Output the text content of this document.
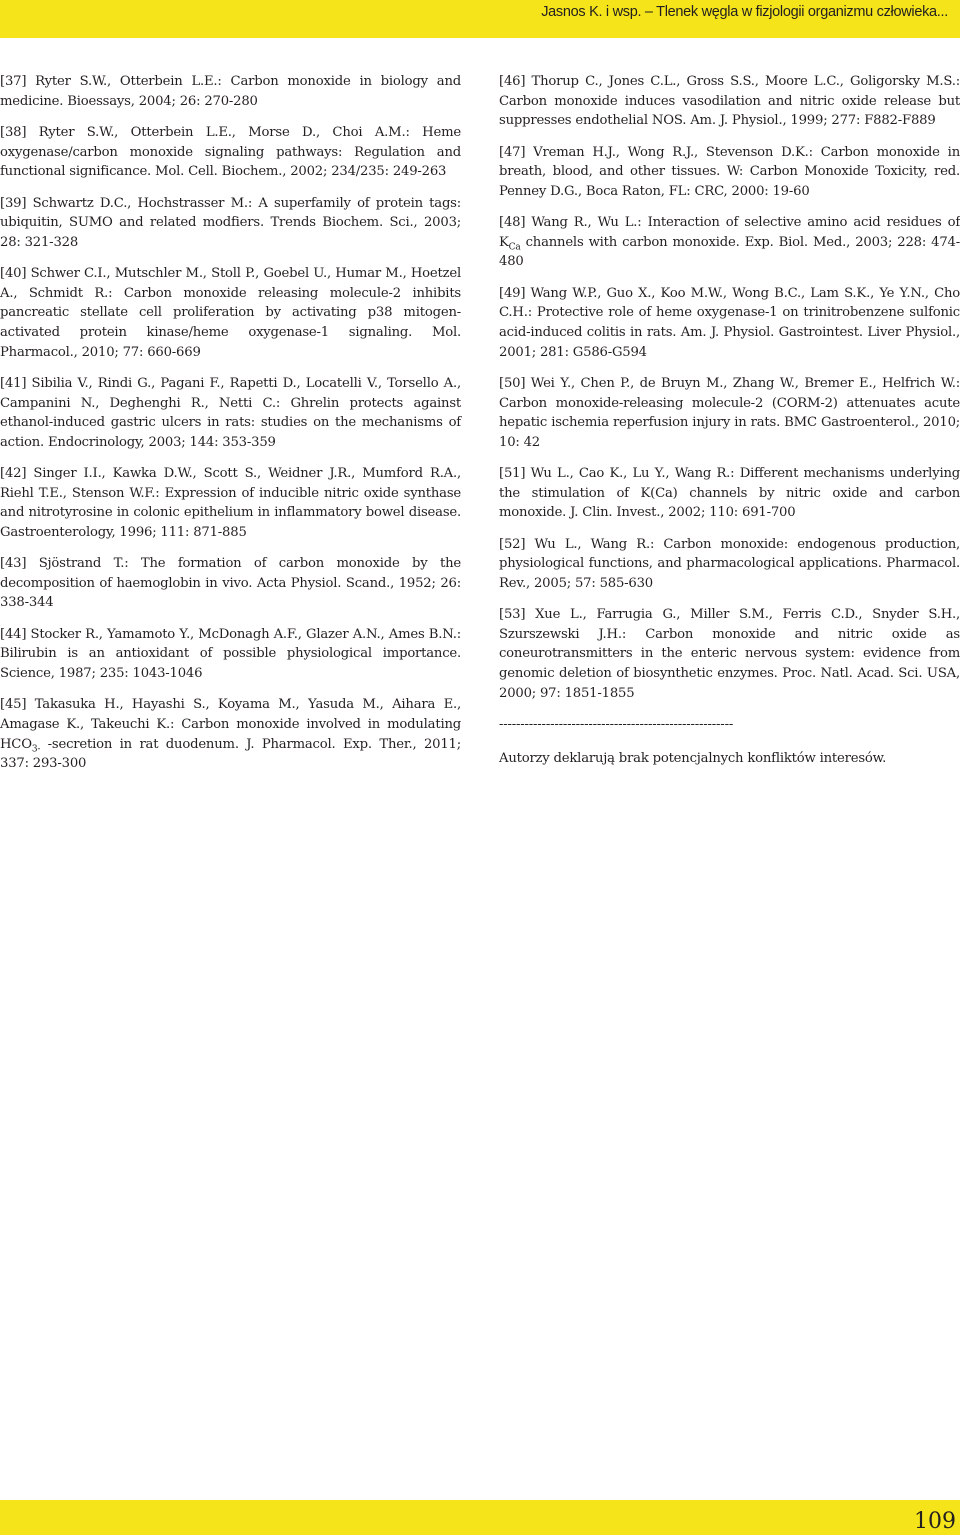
Jasnos K. i wsp. – Tlenek węgla w fizjologii organizmu człowieka...

[37] Ryter S.W., Otterbein L.E.: Carbon monoxide in biology and medicine. Bioessays, 2004; 26: 270-280

[38] Ryter S.W., Otterbein L.E., Morse D., Choi A.M.: Heme oxygenase/carbon monoxide signaling pathways: Regulation and functional significance. Mol. Cell. Biochem., 2002; 234/235: 249-263

[39] Schwartz D.C., Hochstrasser M.: A superfamily of protein tags: ubiquitin, SUMO and related modfiers. Trends Biochem. Sci., 2003; 28: 321-328

[40] Schwer C.I., Mutschler M., Stoll P., Goebel U., Humar M., Hoetzel A., Schmidt R.: Carbon monoxide releasing molecule-2 inhibits pancreatic stellate cell proliferation by activating p38 mitogen-activated protein kinase/heme oxygenase-1 signaling. Mol. Pharmacol., 2010; 77: 660-669

[41] Sibilia V., Rindi G., Pagani F., Rapetti D., Locatelli V., Torsello A., Campanini N., Deghenghi R., Netti C.: Ghrelin protects against ethanol-induced gastric ulcers in rats: studies on the mechanisms of action. Endocrinology, 2003; 144: 353-359

[42] Singer I.I., Kawka D.W., Scott S., Weidner J.R., Mumford R.A., Riehl T.E., Stenson W.F.: Expression of inducible nitric oxide synthase and nitrotyrosine in colonic epithelium in inflammatory bowel disease. Gastroenterology, 1996; 111: 871-885

[43] Sjöstrand T.: The formation of carbon monoxide by the decomposition of haemoglobin in vivo. Acta Physiol. Scand., 1952; 26: 338-344

[44] Stocker R., Yamamoto Y., McDonagh A.F., Glazer A.N., Ames B.N.: Bilirubin is an antioxidant of possible physiological importance. Science, 1987; 235: 1043-1046

[45] Takasuka H., Hayashi S., Koyama M., Yasuda M., Aihara E., Amagase K., Takeuchi K.: Carbon monoxide involved in modulating $HCO_{3-}$ -secretion in rat duodenum. J. Pharmacol. Exp. Ther., 2011; 337: 293-300

[46] Thorup C., Jones C.L., Gross S.S., Moore L.C., Goligorsky M.S.: Carbon monoxide induces vasodilation and nitric oxide release but suppresses endothelial NOS. Am. J. Physiol., 1999; 277: F882-F889

[47] Vreman H.J., Wong R.J., Stevenson D.K.: Carbon monoxide in breath, blood, and other tissues. W: Carbon Monoxide Toxicity, red. Penney D.G., Boca Raton, FL: CRC, 2000: 19-60

[48] Wang R., Wu L.: Interaction of selective amino acid residues of $K_{Ca}$ channels with carbon monoxide. Exp. Biol. Med., 2003; 228: 474-480

[49] Wang W.P., Guo X., Koo M.W., Wong B.C., Lam S.K., Ye Y.N., Cho C.H.: Protective role of heme oxygenase-1 on trinitrobenzene sulfonic acid-induced colitis in rats. Am. J. Physiol. Gastrointest. Liver Physiol., 2001; 281: G586-G594

[50] Wei Y., Chen P., de Bruyn M., Zhang W., Bremer E., Helfrich W.: Carbon monoxide-releasing molecule-2 (CORM-2) attenuates acute hepatic ischemia reperfusion injury in rats. BMC Gastroenterol., 2010; 10: 42

[51] Wu L., Cao K., Lu Y., Wang R.: Different mechanisms underlying the stimulation of K(Ca) channels by nitric oxide and carbon monoxide. J. Clin. Invest., 2002; 110: 691-700

[52] Wu L., Wang R.: Carbon monoxide: endogenous production, physiological functions, and pharmacological applications. Pharmacol. Rev., 2005; 57: 585-630

[53] Xue L., Farrugia G., Miller S.M., Ferris C.D., Snyder S.H., Szurszewski J.H.: Carbon monoxide and nitric oxide as coneurotransmitters in the enteric nervous system: evidence from genomic deletion of biosynthetic enzymes. Proc. Natl. Acad. Sci. USA, 2000; 97: 1851-1855

-------------------------------------------------------

Autorzy deklarują brak potencjalnych konfliktów interesów.

109
